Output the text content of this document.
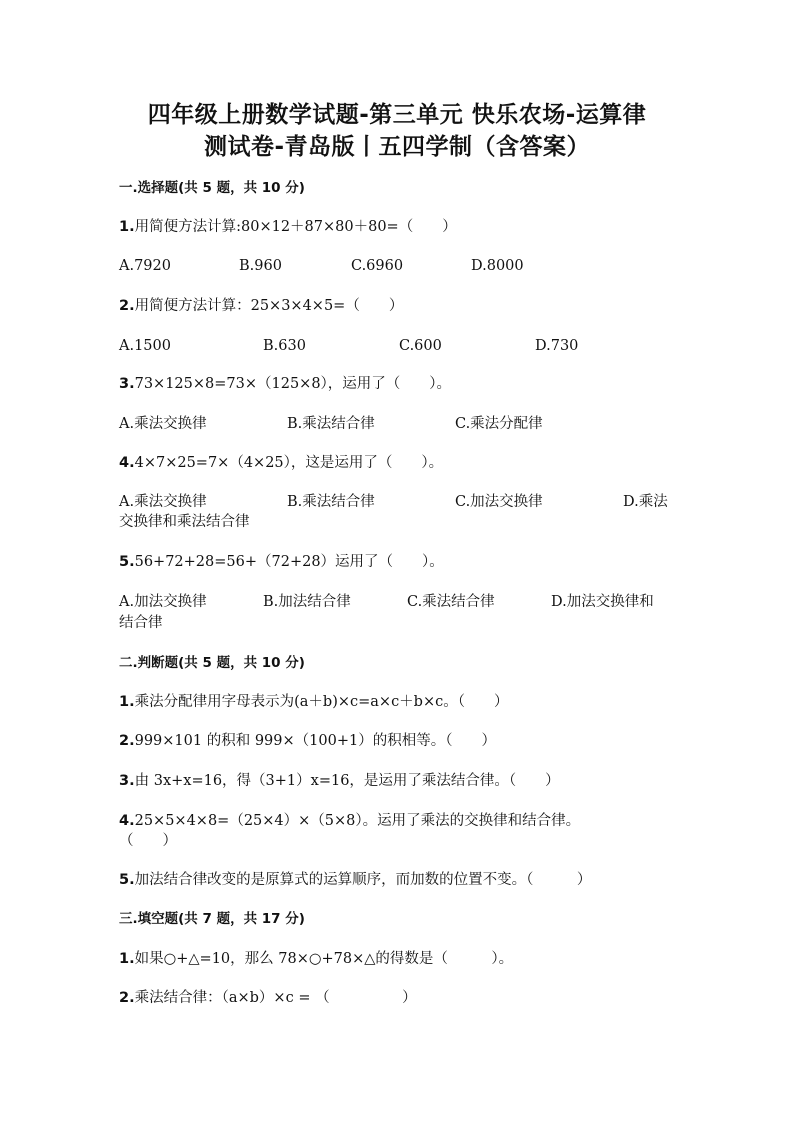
四年级上册数学试题-第三单元 快乐农场-运算律
测试卷-青岛版丨五四学制（含答案）
一.选择题(共 5 题，共 10 分)
1.用简便方法计算:80×12＋87×80＋80=（　　）
A.7920	B.960	C.6960	D.8000
2.用简便方法计算：25×3×4×5=（　　）
A.1500	B.630	C.600	D.730
3.73×125×8=73×（125×8），运用了（　　）。
A.乘法交换律	B.乘法结合律	C.乘法分配律
4.4×7×25=7×（4×25），这是运用了（　　）。
A.乘法交换律	B.乘法结合律	C.加法交换律	D.乘法
交换律和乘法结合律
5.56+72+28=56+（72+28）运用了（　　）。
A.加法交换律	B.加法结合律	C.乘法结合律	D.加法交换律和
结合律
二.判断题(共 5 题，共 10 分)
1.乘法分配律用字母表示为(a＋b)×c=a×c＋b×c。（　　）
2.999×101 的积和 999×（100+1）的积相等。（　　）
3.由 3x+x=16，得（3+1）x=16，是运用了乘法结合律。（　　）
4.25×5×4×8=（25×4）×（5×8）。运用了乘法的交换律和结合律。
（　　）
5.加法结合律改变的是原算式的运算顺序，而加数的位置不变。（　　　）
三.填空题(共 7 题，共 17 分)
1.如果○+△=10，那么 78×○+78×△的得数是（　　　）。
2.乘法结合律：（a×b）×c = （　　　　　）
